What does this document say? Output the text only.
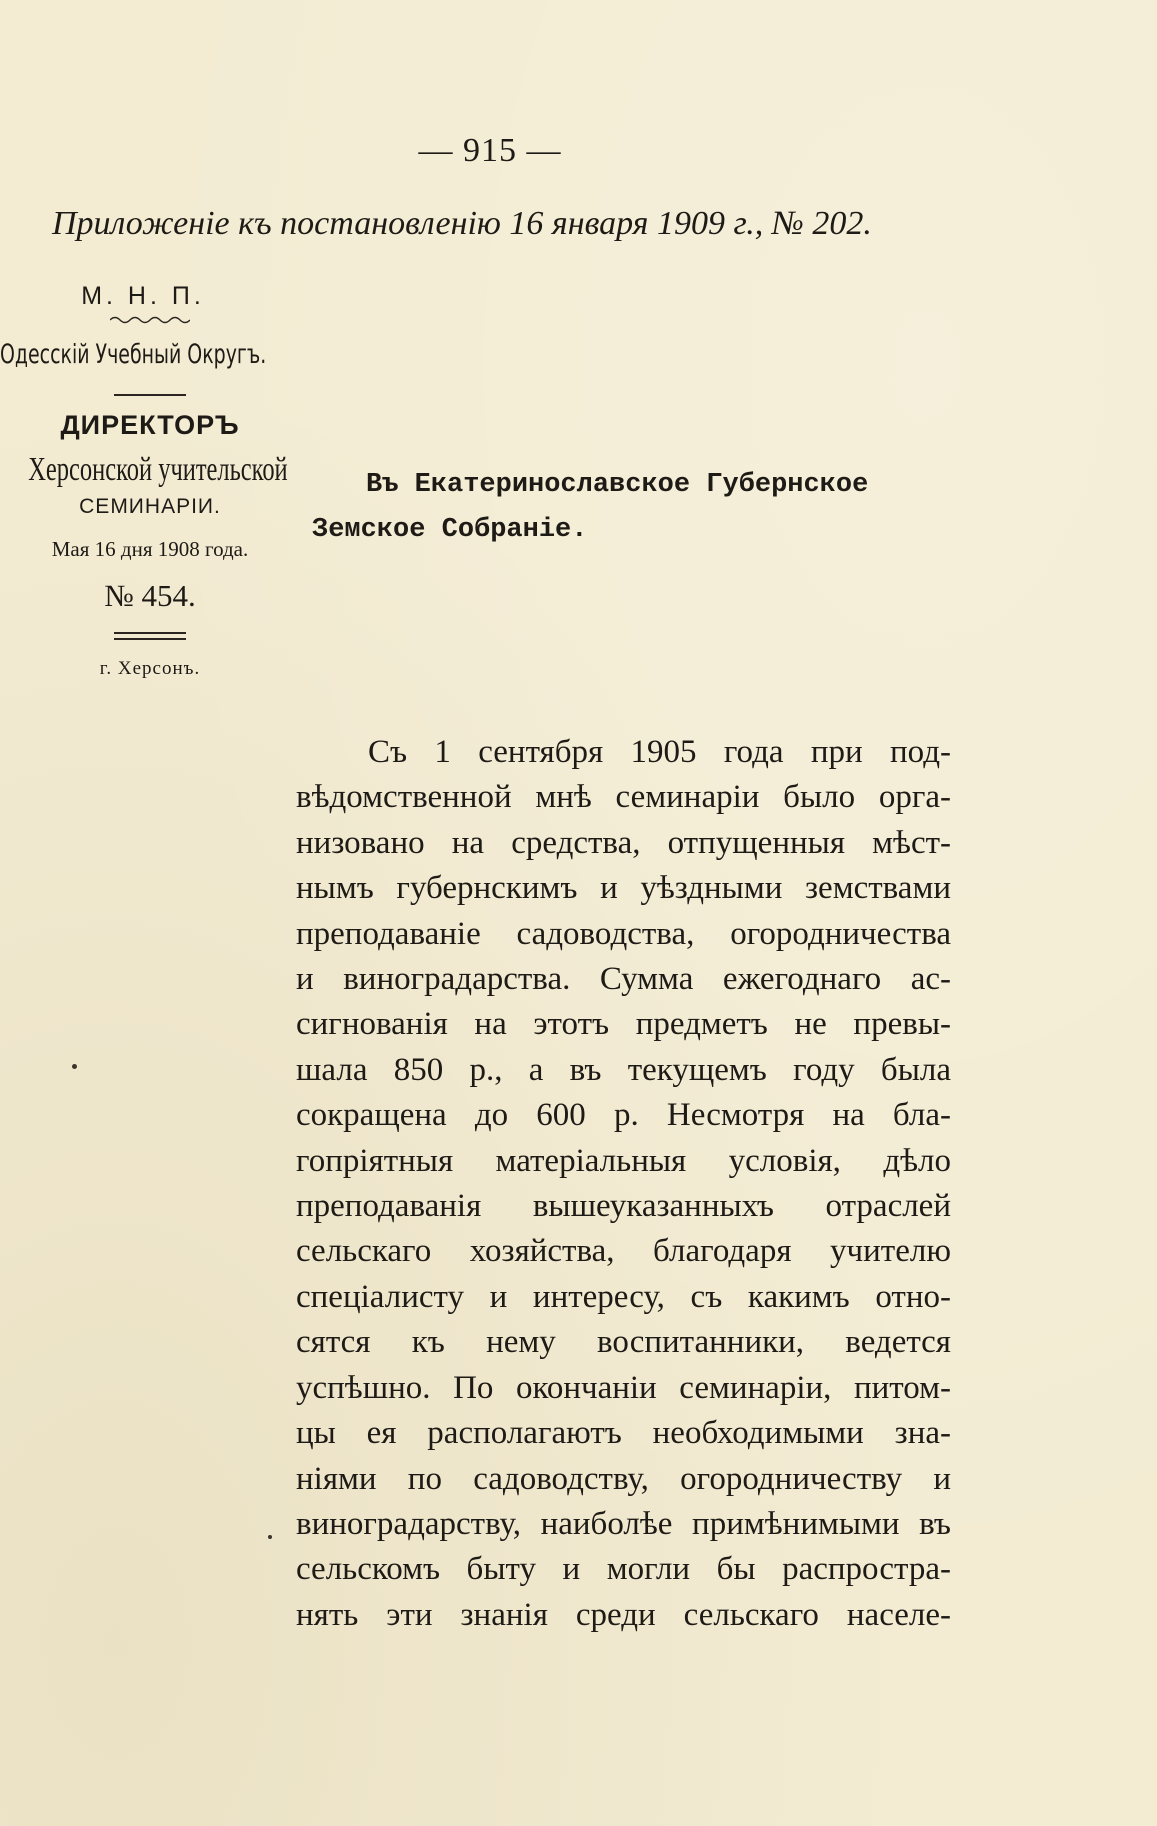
— 915 —
Приложеніе къ постановленію 16 января 1909 г., № 202.
М. Н. П.
Одесскій Учебный Округъ.
ДИРЕКТОРЪ
Херсонской учительской
СЕМИНАРІИ.
Мая 16 дня 1908 года.
№ 454.
г. Херсонъ.
Въ Екатеринославское Губернское
Земское Собраніе.
Съ 1 сентября 1905 года при под-
вѣдомственной мнѣ семинаріи было орга-
низовано на средства, отпущенныя мѣст-
нымъ губернскимъ и уѣздными земствами
преподаваніе садоводства, огородничества
и виноградарства. Сумма ежегоднаго ас-
сигнованія на этотъ предметъ не превы-
шала 850 р., а въ текущемъ году была
сокращена до 600 р. Несмотря на бла-
гопріятныя матеріальныя условія, дѣло
преподаванія вышеуказанныхъ отраслей
сельскаго хозяйства, благодаря учителю
спеціалисту и интересу, съ какимъ отно-
сятся къ нему воспитанники, ведется
успѣшно. По окончаніи семинаріи, питом-
цы ея располагаютъ необходимыми зна-
ніями по садоводству, огородничеству и
виноградарству, наиболѣе примѣнимыми въ
сельскомъ быту и могли бы распростра-
нять эти знанія среди сельскаго населе-
